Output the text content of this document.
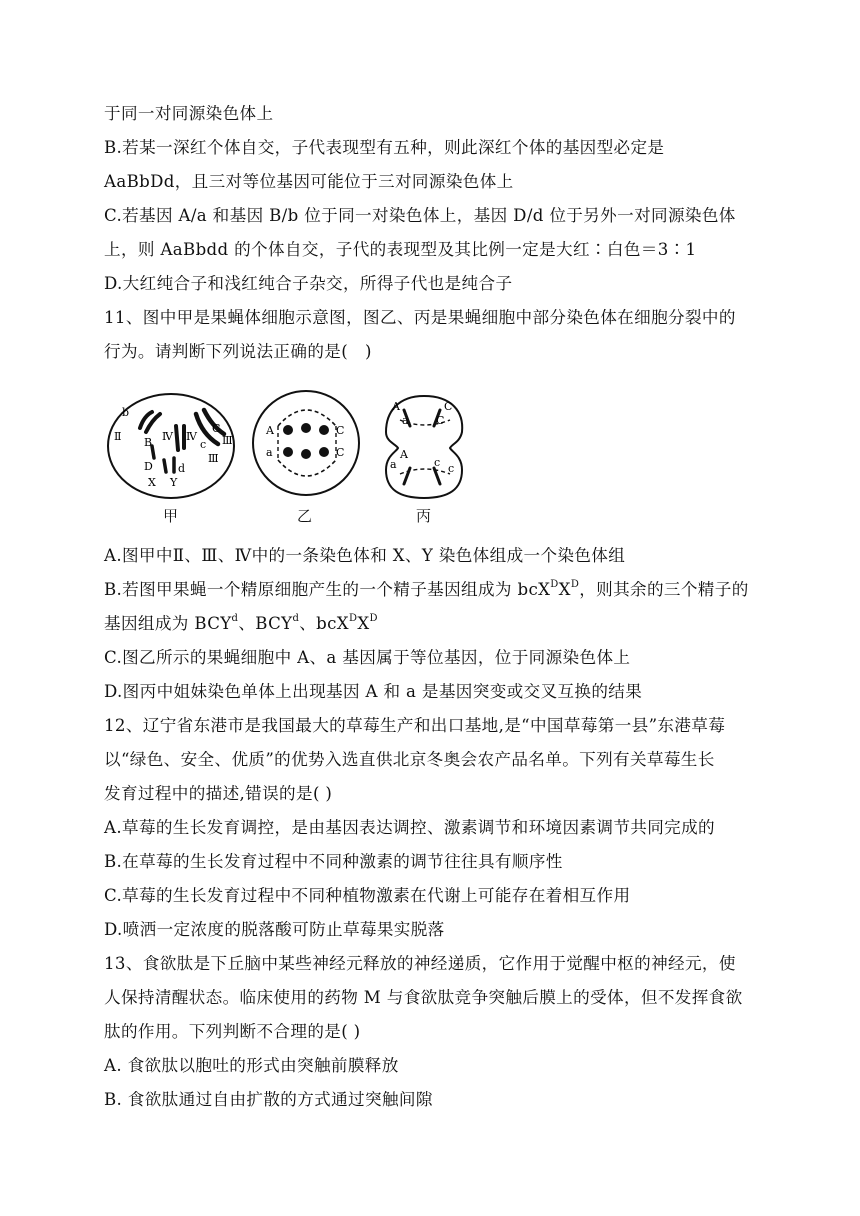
于同一对同源染色体上
B.若某一深红个体自交，子代表现型有五种，则此深红个体的基因型必定是
AaBbDd，且三对等位基因可能位于三对同源染色体上
C.若基因 A/a 和基因 B/b 位于同一对染色体上，基因 D/d 位于另外一对同源染色体
上，则 AaBbdd 的个体自交，子代的表现型及其比例一定是大红∶白色＝3∶1
D.大红纯合子和浅红纯合子杂交，所得子代也是纯合子
11、图中甲是果蝇体细胞示意图，图乙、丙是果蝇细胞中部分染色体在细胞分裂中的
行为。请判断下列说法正确的是(　)
b
Ⅱ B Ⅳ Ⅳ
C
c Ⅲ
Ⅲ
D d
X Y
A
a
C
C
A
a
C
C
a
A
c c
甲	乙	丙
A.图甲中Ⅱ、Ⅲ、Ⅳ中的一条染色体和 X、Y 染色体组成一个染色体组
B.若图甲果蝇一个精原细胞产生的一个精子基因组成为 $bcX^DX^D$，则其余的三个精子的
基因组成为 BCY$^d$、BCY$^d$、$bcX^DX^D$
C.图乙所示的果蝇细胞中 A、a 基因属于等位基因，位于同源染色体上
D.图丙中姐妹染色单体上出现基因 A 和 a 是基因突变或交叉互换的结果
12、辽宁省东港市是我国最大的草莓生产和出口基地,是“中国草莓第一县”东港草莓
以“绿色、安全、优质”的优势入选直供北京冬奥会农产品名单。下列有关草莓生长
发育过程中的描述,错误的是( )
A.草莓的生长发育调控，是由基因表达调控、激素调节和环境因素调节共同完成的
B.在草莓的生长发育过程中不同种激素的调节往往具有顺序性
C.草莓的生长发育过程中不同种植物激素在代谢上可能存在着相互作用
D.喷洒一定浓度的脱落酸可防止草莓果实脱落
13、食欲肽是下丘脑中某些神经元释放的神经递质，它作用于觉醒中枢的神经元，使
人保持清醒状态。临床使用的药物 M 与食欲肽竞争突触后膜上的受体，但不发挥食欲
肽的作用。下列判断不合理的是( )
A. 食欲肽以胞吐的形式由突触前膜释放
B. 食欲肽通过自由扩散的方式通过突触间隙
